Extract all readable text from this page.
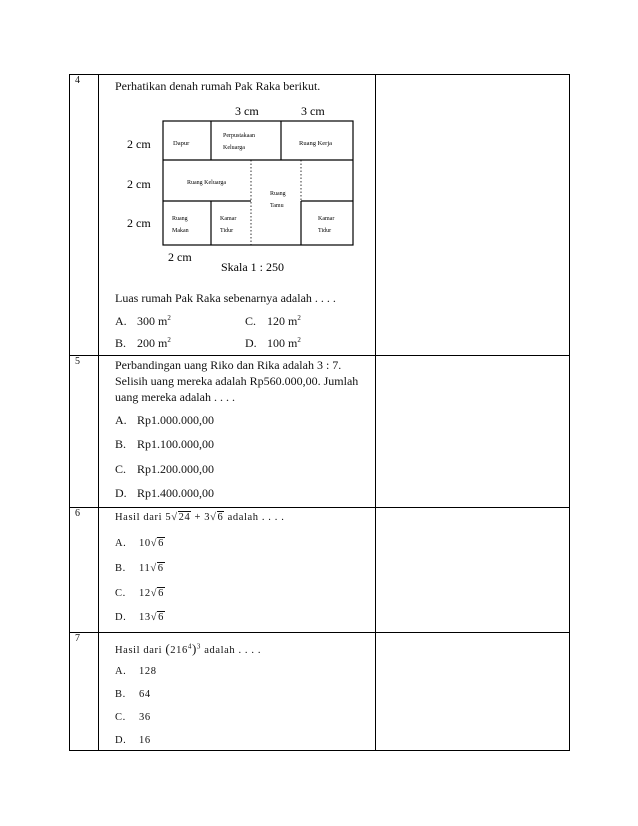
4	Perhatikan denah rumah Pak Raka berikut.
3 cm	3 cm
2 cm
2 cm
2 cm
2 cm
Skala 1 : 250
Dapur
Perpustakaan
Keluarga
Ruang Kerja
Ruang Keluarga
Ruang
Tamu
Ruang
Makan
Kamar
Tidur
Kamar
Tidur
Luas rumah Pak Raka sebenarnya adalah . . . .
A. 300 $m^2$	C. 120 $m^2$
B. 200 $m^2$	D. 100 $m^2$
5	Perbandingan uang Riko dan Rika adalah 3 : 7.
Selisih uang mereka adalah Rp560.000,00. Jumlah
uang mereka adalah . . . .
A. Rp1.000.000,00
B. Rp1.100.000,00
C. Rp1.200.000,00
D. Rp1.400.000,00
6	Hasil dari 5√24 + 3√6 adalah . . . .
A. 10√6
B. 11√6
C. 12√6
D. 13√6
7
Hasil dari $(216^4)^3$ adalah . . . .
A. 128
B. 64
C. 36
D. 16
